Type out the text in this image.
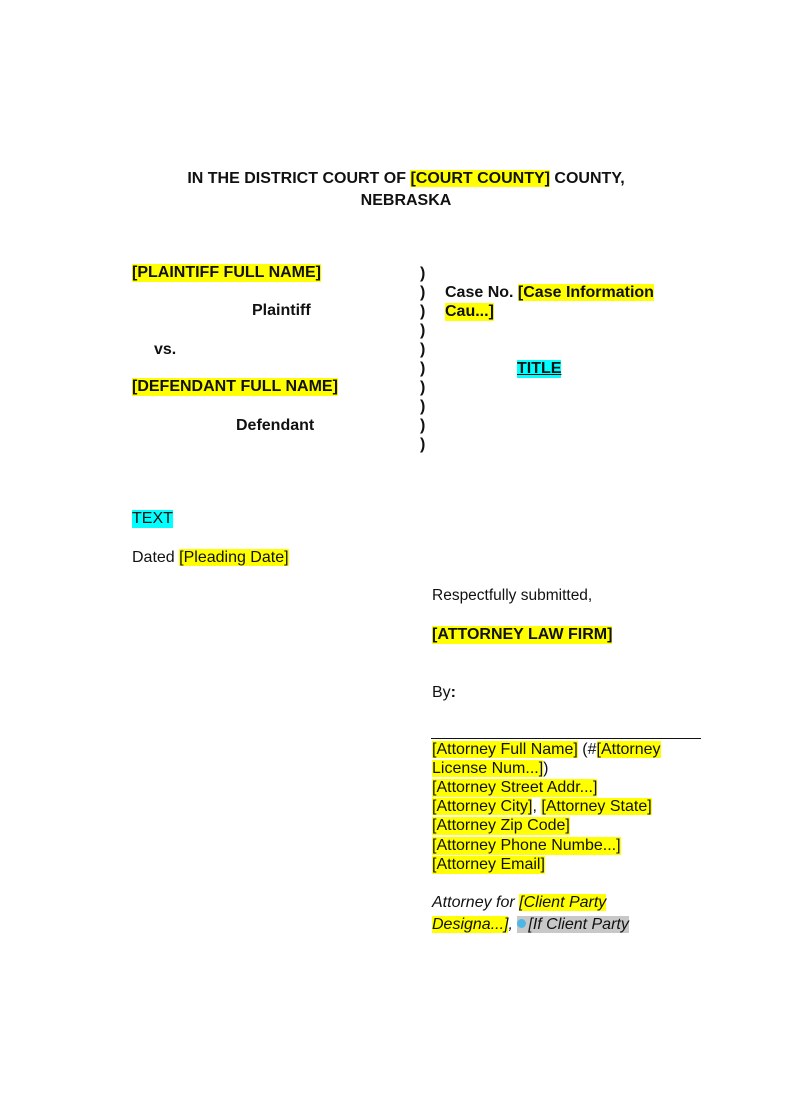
IN THE DISTRICT COURT OF [COURT COUNTY] COUNTY,
NEBRASKA
[PLAINTIFF FULL NAME]
Plaintiff
vs.
[DEFENDANT FULL NAME]
Defendant
)
)
)
)
)
)
)
)
)
)
Case No. [Case Information
Cau...]
TITLE
TEXT
Dated [Pleading Date]
Respectfully submitted,
[ATTORNEY LAW FIRM]
By:
[Attorney Full Name] (#[Attorney
License Num...])
[Attorney Street Addr...]
[Attorney City], [Attorney State]
[Attorney Zip Code]
[Attorney Phone Numbe...]
[Attorney Email]
Attorney for [Client Party
Designa...], [If Client Party
